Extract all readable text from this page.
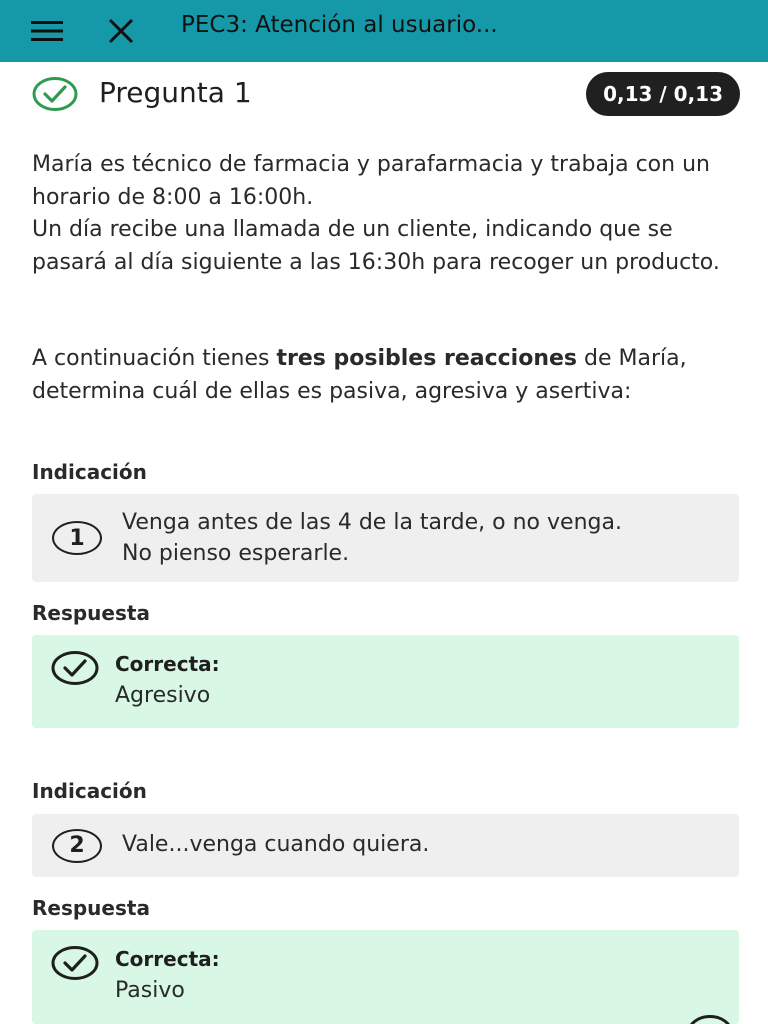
PEC3: Atención al usuario...
Pregunta 1	0,13 / 0,13

María es técnico de farmacia y parafarmacia y trabaja con un horario de 8:00 a 16:00h.

Un día recibe una llamada de un cliente, indicando que se pasará al día siguiente a las 16:30h para recoger un producto.

A continuación tienes tres posibles reacciones de María, determina cuál de ellas es pasiva, agresiva y asertiva:

Indicación
1
Venga antes de las 4 de la tarde, o no venga.
No pienso esperarle.
Respuesta
Correcta:
Agresivo
Indicación
2	Vale...venga cuando quiera.
Respuesta
Correcta:
Pasivo
